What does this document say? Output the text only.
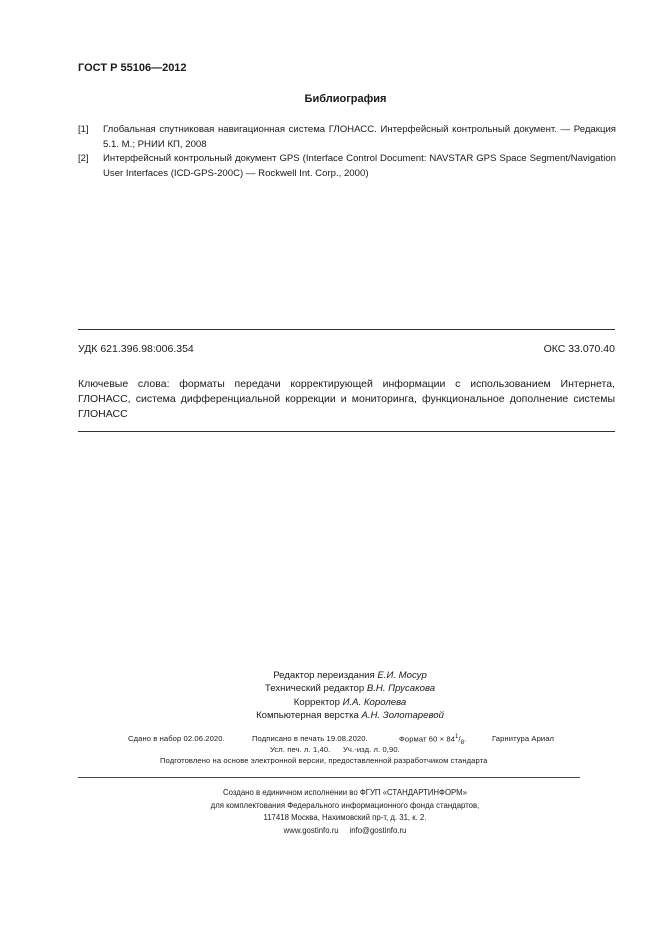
ГОСТ Р 55106—2012
Библиография
[1] Глобальная спутниковая навигационная система ГЛОНАСС. Интерфейсный контрольный документ. — Редакция 5.1. М.; РНИИ КП, 2008
[2] Интерфейсный контрольный документ GPS (Interface Control Document: NAVSTAR GPS Space Segment/Navigation User Interfaces (ICD-GPS-200C) — Rockwell Int. Corp., 2000)
УДК 621.396.98:006.354	ОКС 33.070.40
Ключевые слова: форматы передачи корректирующей информации с использованием Интернета, ГЛОНАСС, система дифференциальной коррекции и мониторинга, функциональное дополнение системы ГЛОНАСС
Редактор переиздания Е.И. Мосур
Технический редактор В.Н. Прусакова
Корректор И.А. Королева
Компьютерная верстка А.Н. Золотаревой
Сдано в набор 02.06.2020.	Подписано в печать 19.08.2020.	Формат $60 \times 84^1/_8$.	Гарнитура Ариал
Усл. печ. л. 1,40. Уч.-изд. л. 0,90.
Подготовлено на основе электронной версии, предоставленной разработчиком стандарта
Создано в единичном исполнении во ФГУП «СТАНДАРТИНФОРМ»
для комплектования Федерального информационного фонда стандартов,
117418 Москва, Нахимовский пр-т, д. 31, к. 2.
www.gostinfo.ru info@gostinfo.ru
